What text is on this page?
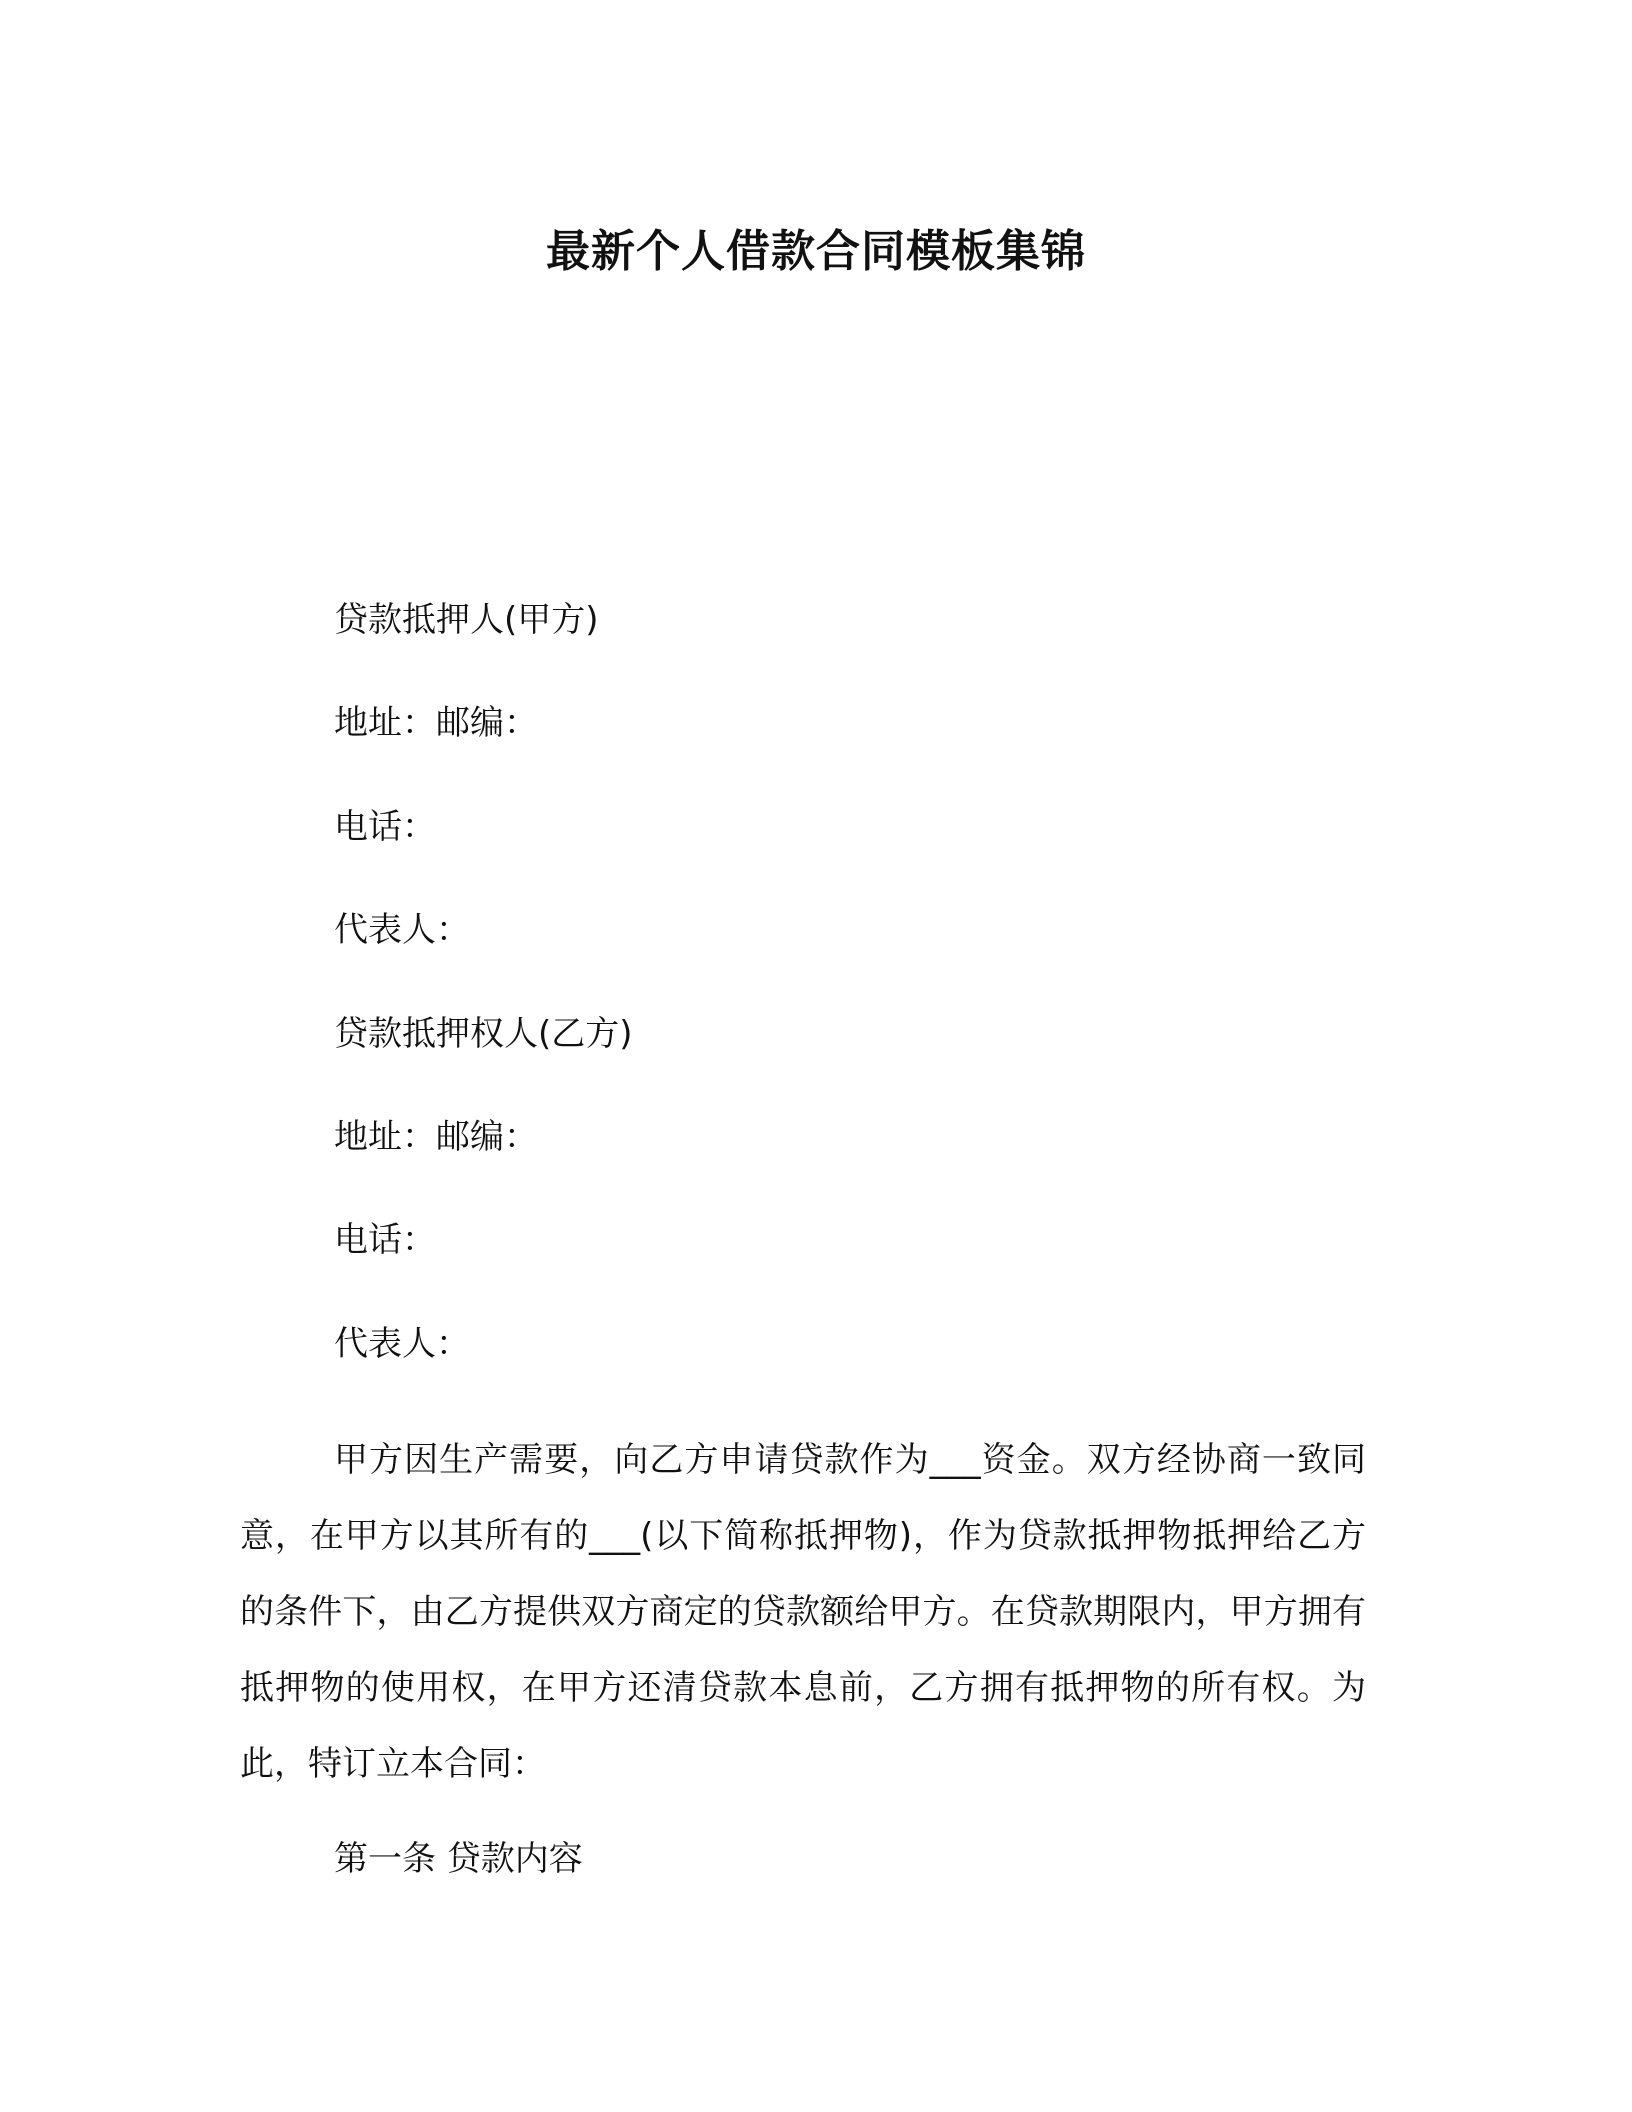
最新个人借款合同模板集锦
贷款抵押人(甲方)
地址：邮编：
电话：
代表人：
贷款抵押权人(乙方)
地址：邮编：
电话：
代表人：

甲方因生产需要，向乙方申请贷款作为___资金。双方经协商一致同意，在甲方以其所有的___(以下简称抵押物)，作为贷款抵押物抵押给乙方的条件下，由乙方提供双方商定的贷款额给甲方。在贷款期限内，甲方拥有抵押物的使用权，在甲方还清贷款本息前，乙方拥有抵押物的所有权。为此，特订立本合同：

第一条 贷款内容
